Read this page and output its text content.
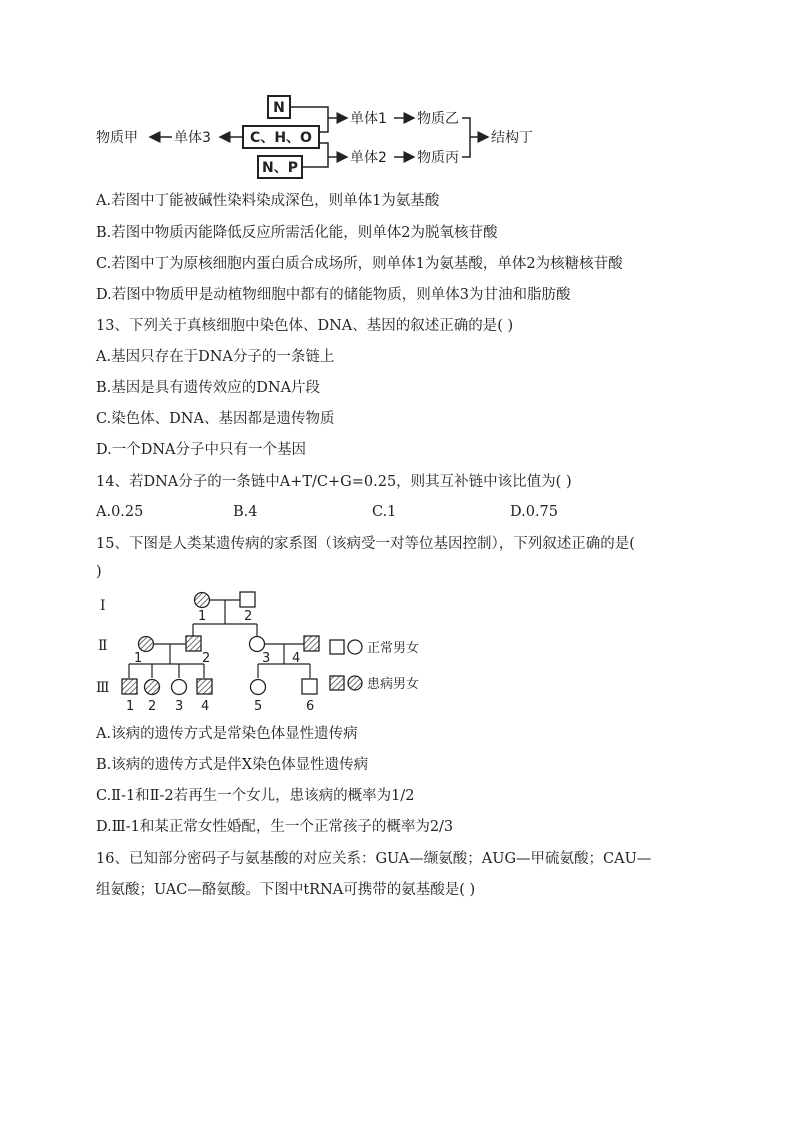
N
C、H、O
N、P
单体3
物质甲
单体1
单体2
物质乙
物质丙
结构丁
A.若图中丁能被碱性染料染成深色，则单体1为氨基酸
B.若图中物质丙能降低反应所需活化能，则单体2为脱氧核苷酸
C.若图中丁为原核细胞内蛋白质合成场所，则单体1为氨基酸，单体2为核糖核苷酸
D.若图中物质甲是动植物细胞中都有的储能物质，则单体3为甘油和脂肪酸
13、下列关于真核细胞中染色体、DNA、基因的叙述正确的是( )
A.基因只存在于DNA分子的一条链上
B.基因是具有遗传效应的DNA片段
C.染色体、DNA、基因都是遗传物质
D.一个DNA分子中只有一个基因
14、若DNA分子的一条链中A+T/C+G=0.25，则其互补链中该比值为( )
A.0.25	B.4	C.1	D.0.75
15、下图是人类某遗传病的家系图（该病受一对等位基因控制），下列叙述正确的是(
)
Ⅰ
Ⅱ
Ⅲ
1	2
1	2	3 4
1 2 3 4	5	6
正常男女
患病男女
A.该病的遗传方式是常染色体显性遗传病
B.该病的遗传方式是伴X染色体显性遗传病
C.Ⅱ-1和Ⅱ-2若再生一个女儿，患该病的概率为1/2
D.Ⅲ-1和某正常女性婚配，生一个正常孩子的概率为2/3
16、已知部分密码子与氨基酸的对应关系：GUA—缬氨酸；AUG—甲硫氨酸；CAU—
组氨酸；UAC—酪氨酸。下图中tRNA可携带的氨基酸是( )
